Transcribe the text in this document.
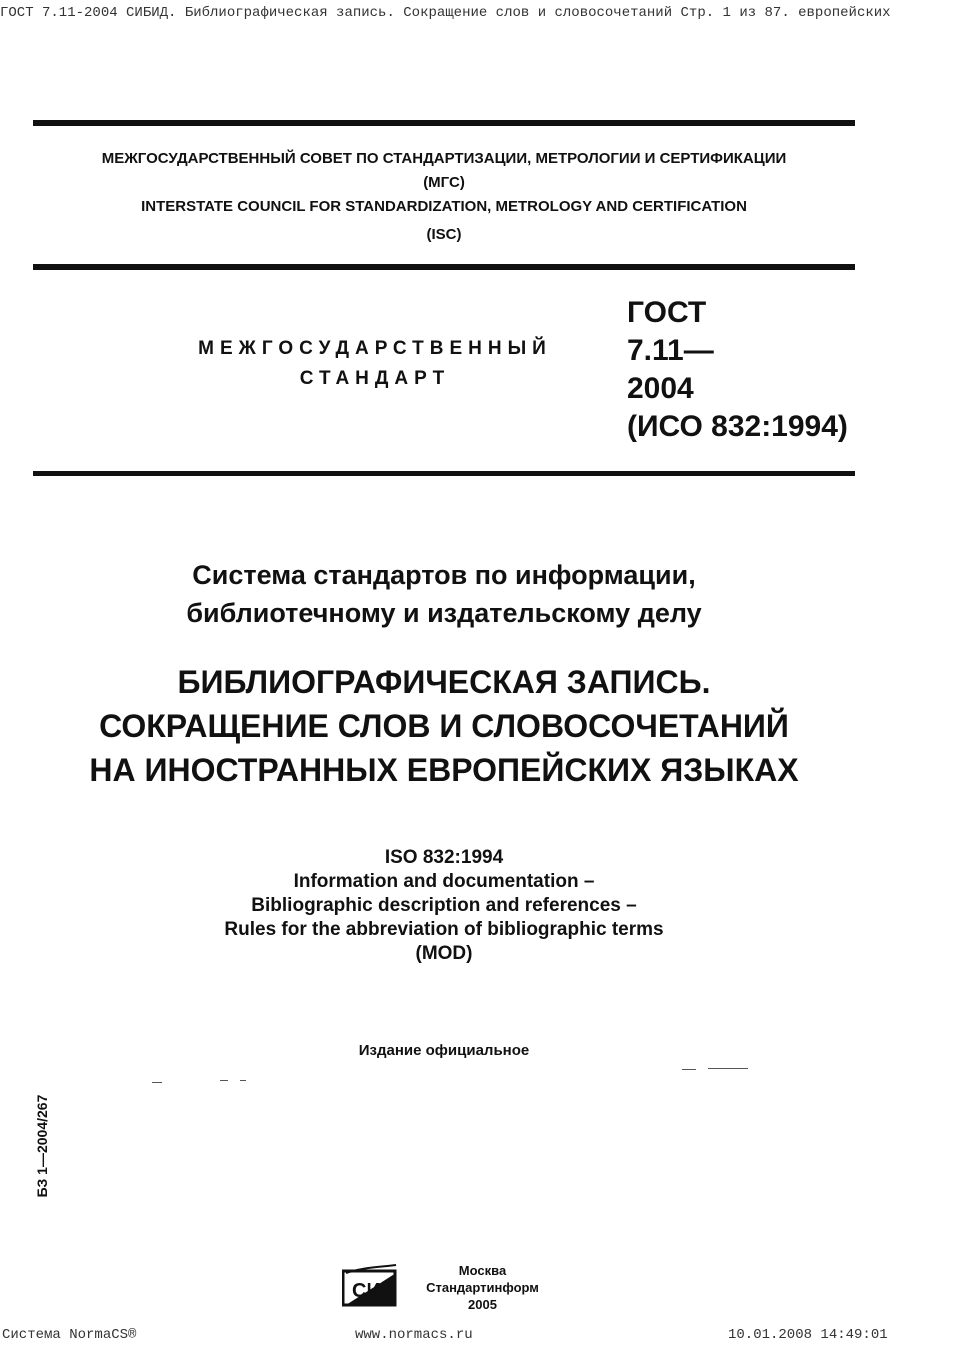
ГОСТ 7.11-2004 СИБИД. Библиографическая запись. Сокращение слов и словосочетаний Стр. 1 из 87. европейских
МЕЖГОСУДАРСТВЕННЫЙ СОВЕТ ПО СТАНДАРТИЗАЦИИ, МЕТРОЛОГИИ И СЕРТИФИКАЦИИ
(МГС)
INTERSTATE COUNCIL FOR STANDARDIZATION, METROLOGY AND CERTIFICATION
(ISC)
МЕЖГОСУДАРСТВЕННЫЙ
СТАНДАРТ
ГОСТ
7.11—
2004
(ИСО 832:1994)
Система стандартов по информации,
библиотечному и издательскому делу
БИБЛИОГРАФИЧЕСКАЯ ЗАПИСЬ.
СОКРАЩЕНИЕ СЛОВ И СЛОВОСОЧЕТАНИЙ
НА ИНОСТРАННЫХ ЕВРОПЕЙСКИХ ЯЗЫКАХ
ISO 832:1994
Information and documentation –
Bibliographic description and references –
Rules for the abbreviation of bibliographic terms
(MOD)
Издание официальное
БЗ 1—2004/267
СИ
Москва
Стандартинформ
2005
Система NormaCS®	www.normacs.ru	10.01.2008 14:49:01
